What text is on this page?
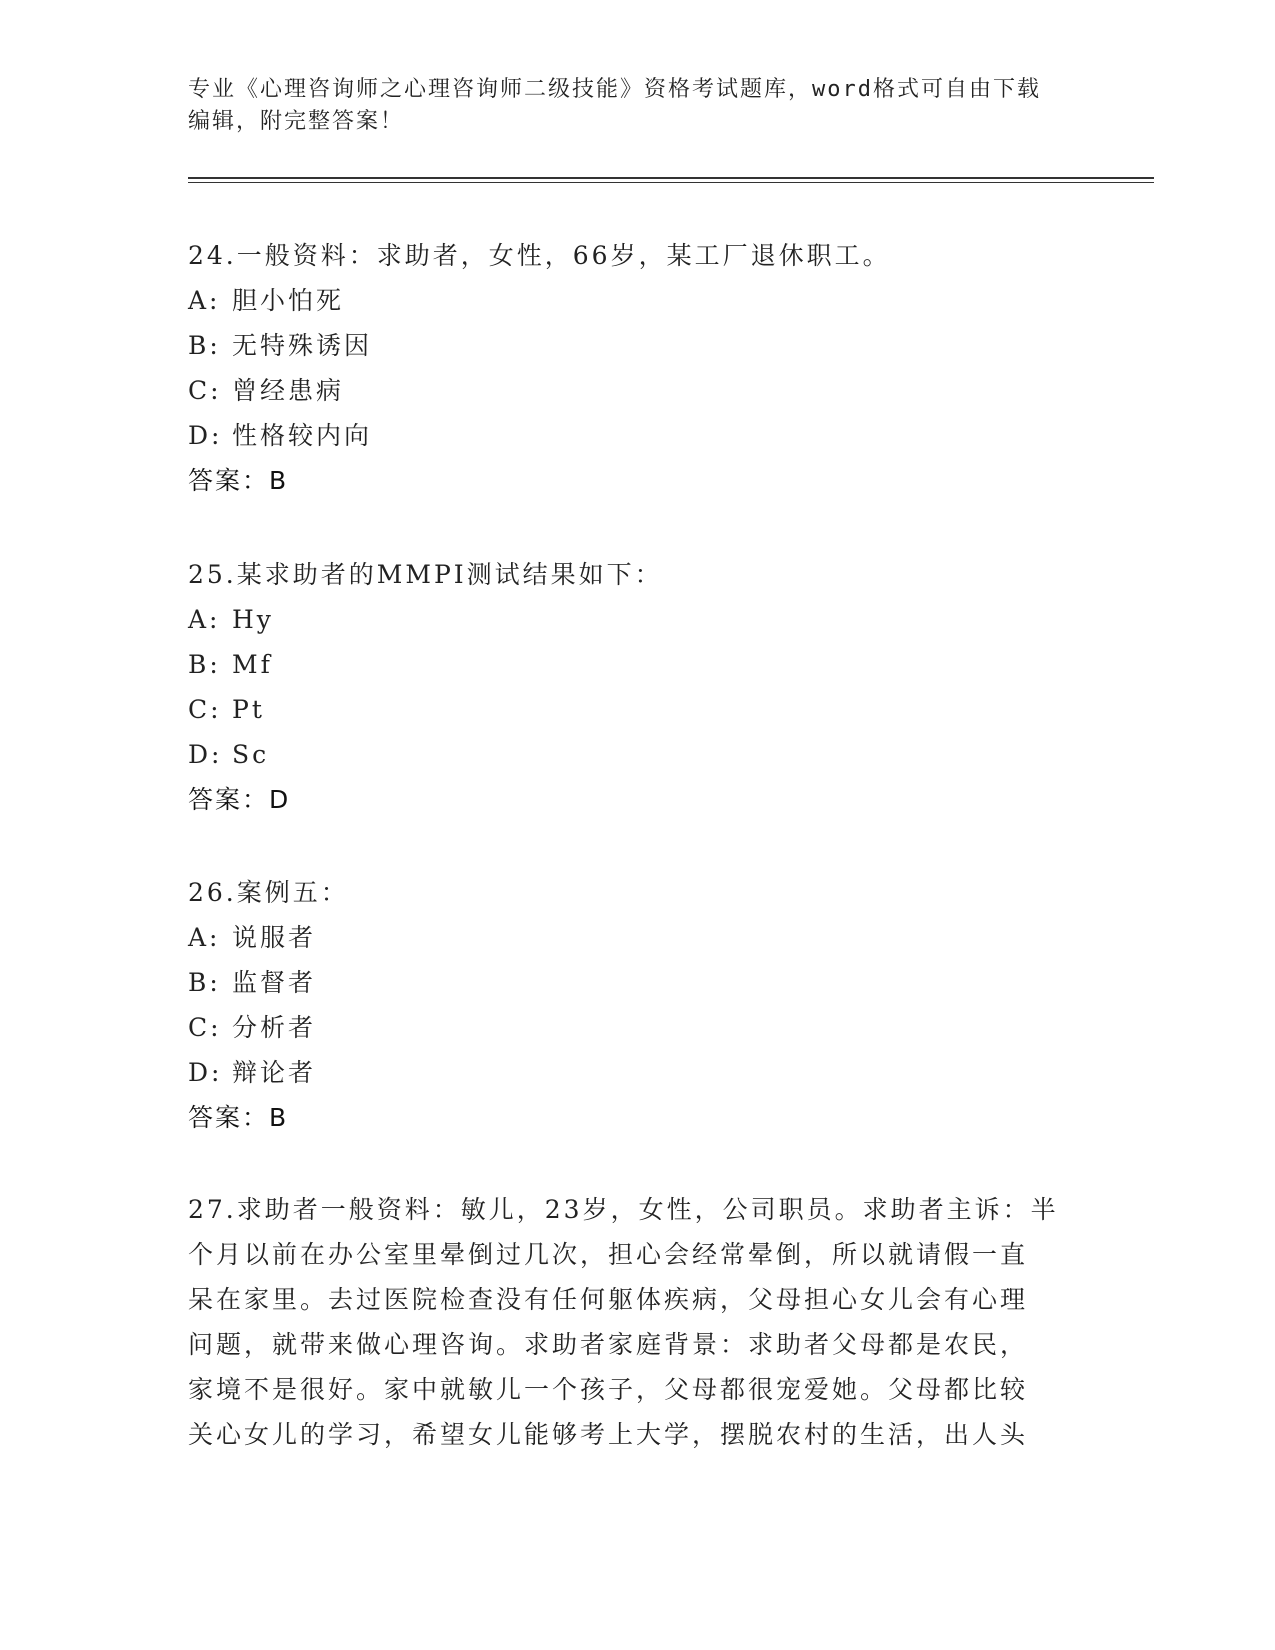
专业《心理咨询师之心理咨询师二级技能》资格考试题库，word格式可自由下载
编辑，附完整答案！
24.一般资料：求助者，女性，66岁，某工厂退休职工。
A: 胆小怕死
B: 无特殊诱因
C: 曾经患病
D: 性格较内向
答案：B
25.某求助者的MMPI测试结果如下：
A: Hy
B: Mf
C: Pt
D: Sc
答案：D
26.案例五：
A: 说服者
B: 监督者
C: 分析者
D: 辩论者
答案：B
27.求助者一般资料：敏儿，23岁，女性，公司职员。求助者主诉：半
个月以前在办公室里晕倒过几次，担心会经常晕倒，所以就请假一直
呆在家里。去过医院检查没有任何躯体疾病，父母担心女儿会有心理
问题，就带来做心理咨询。求助者家庭背景：求助者父母都是农民，
家境不是很好。家中就敏儿一个孩子，父母都很宠爱她。父母都比较
关心女儿的学习，希望女儿能够考上大学，摆脱农村的生活，出人头
